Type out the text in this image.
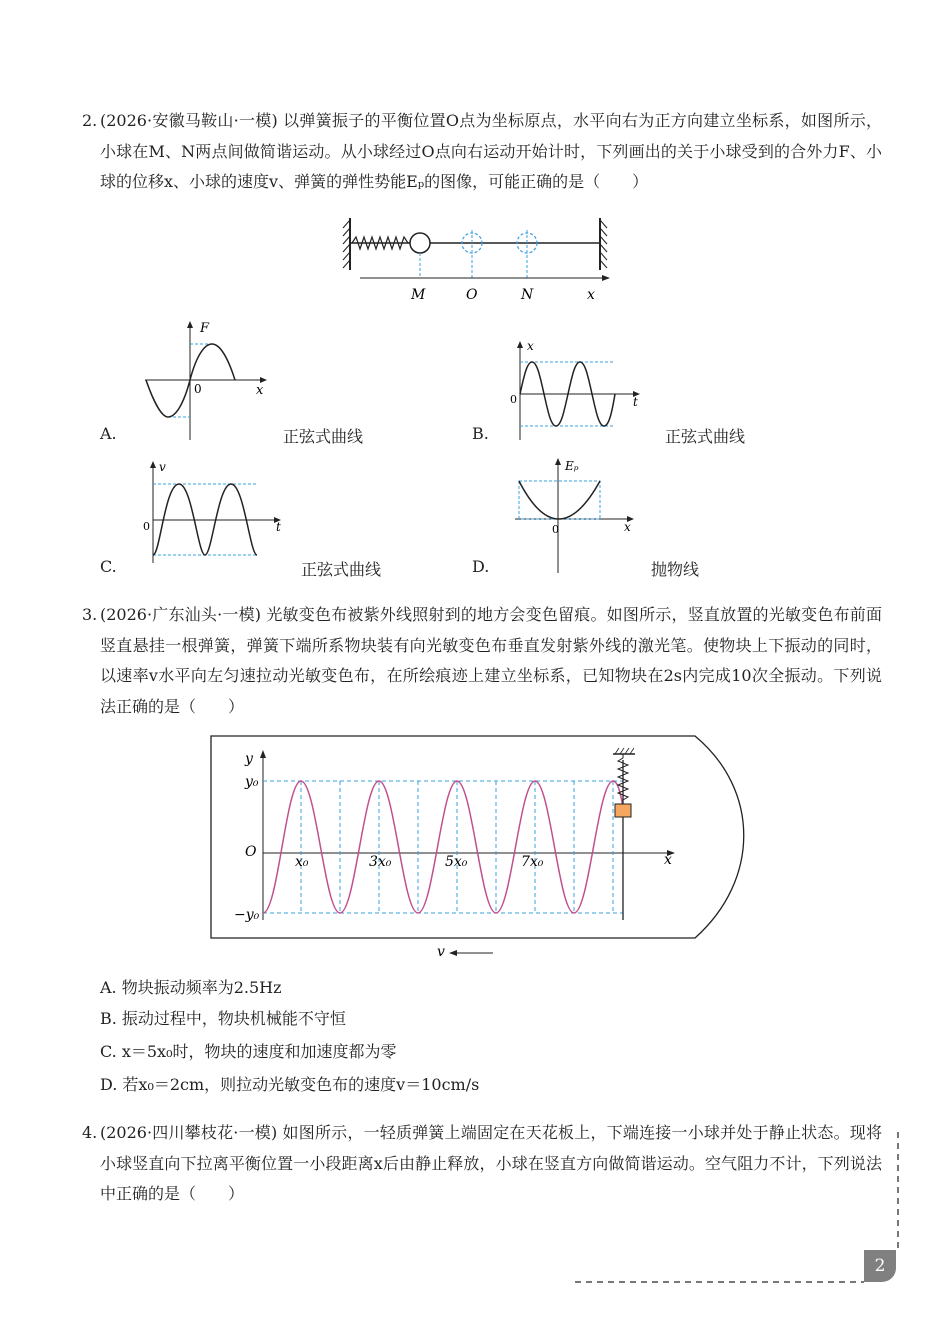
2. (2026·安徽马鞍山·一模) 以弹簧振子的平衡位置O点为坐标原点，水平向右为正方向建立坐标系，如图所示，小球在M、N两点间做简谐运动。从小球经过O点向右运动开始计时，下列画出的关于小球受到的合外力F、小球的位移x、小球的速度v、弹簧的弹性势能Eₚ的图像，可能正确的是（　　）
M	O	N	x
F
x
0
A.	正弦式曲线
x
t
0
B.	正弦式曲线
v
t
0
C.	正弦式曲线
Eₚ
x
0
D.	抛物线
3. (2026·广东汕头·一模) 光敏变色布被紫外线照射到的地方会变色留痕。如图所示，竖直放置的光敏变色布前面竖直悬挂一根弹簧，弹簧下端所系物块装有向光敏变色布垂直发射紫外线的激光笔。使物块上下振动的同时，以速率v水平向左匀速拉动光敏变色布，在所绘痕迹上建立坐标系，已知物块在2s内完成10次全振动。下列说法正确的是（　　）
y
y₀
O
−y₀
x₀	3x₀	5x₀	7x₀	x
v
A. 物块振动频率为2.5Hz
B. 振动过程中，物块机械能不守恒
C. x＝5x₀时，物块的速度和加速度都为零
D. 若x₀＝2cm，则拉动光敏变色布的速度v＝10cm/s
4. (2026·四川攀枝花·一模) 如图所示，一轻质弹簧上端固定在天花板上，下端连接一小球并处于静止状态。现将小球竖直向下拉离平衡位置一小段距离x后由静止释放，小球在竖直方向做简谐运动。空气阻力不计，下列说法中正确的是（　　）
2
